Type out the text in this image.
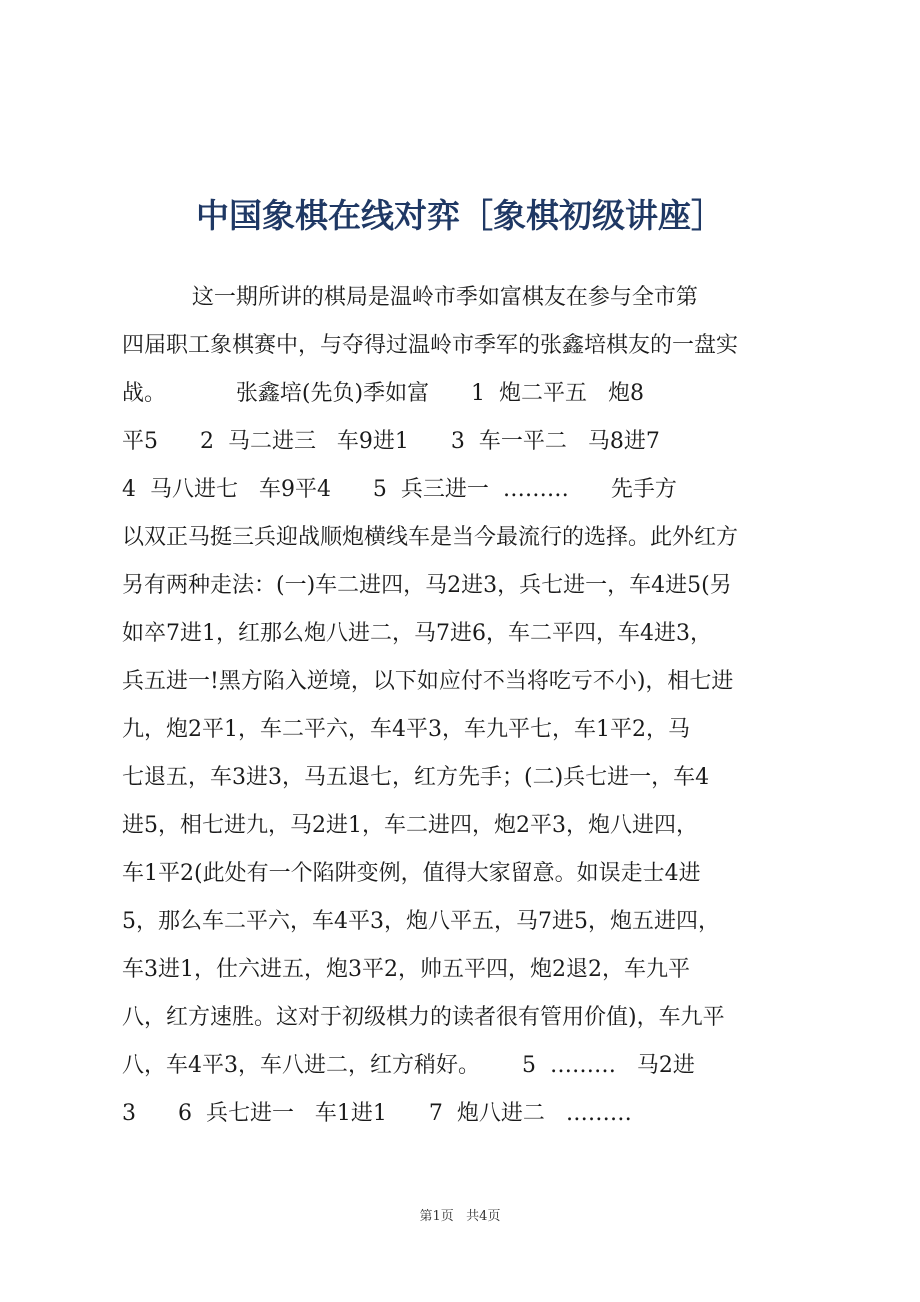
中国象棋在线对弈［象棋初级讲座］
这一期所讲的棋局是温岭市季如富棋友在参与全市第
四届职工象棋赛中，与夺得过温岭市季军的张鑫培棋友的一盘实
战。          张鑫培(先负)季如富      1  炮二平五   炮8
平5      2  马二进三   车9进1      3  车一平二   马8进7
4  马八进七   车9平4      5  兵三进一  ………      先手方
以双正马挺三兵迎战顺炮横线车是当今最流行的选择。此外红方
另有两种走法：(一)车二进四，马2进3，兵七进一，车4进5(另
如卒7进1，红那么炮八进二，马7进6，车二平四，车4进3，
兵五进一!黑方陷入逆境，以下如应付不当将吃亏不小)，相七进
九，炮2平1，车二平六，车4平3，车九平七，车1平2，马
七退五，车3进3，马五退七，红方先手；(二)兵七进一，车4
进5，相七进九，马2进1，车二进四，炮2平3，炮八进四，
车1平2(此处有一个陷阱变例，值得大家留意。如误走士4进
5，那么车二平六，车4平3，炮八平五，马7进5，炮五进四，
车3进1，仕六进五，炮3平2，帅五平四，炮2退2，车九平
八，红方速胜。这对于初级棋力的读者很有管用价值)，车九平
八，车4平3，车八进二，红方稍好。      5  ………   马2进
3      6  兵七进一   车1进1      7  炮八进二   ………
第1页   共4页
